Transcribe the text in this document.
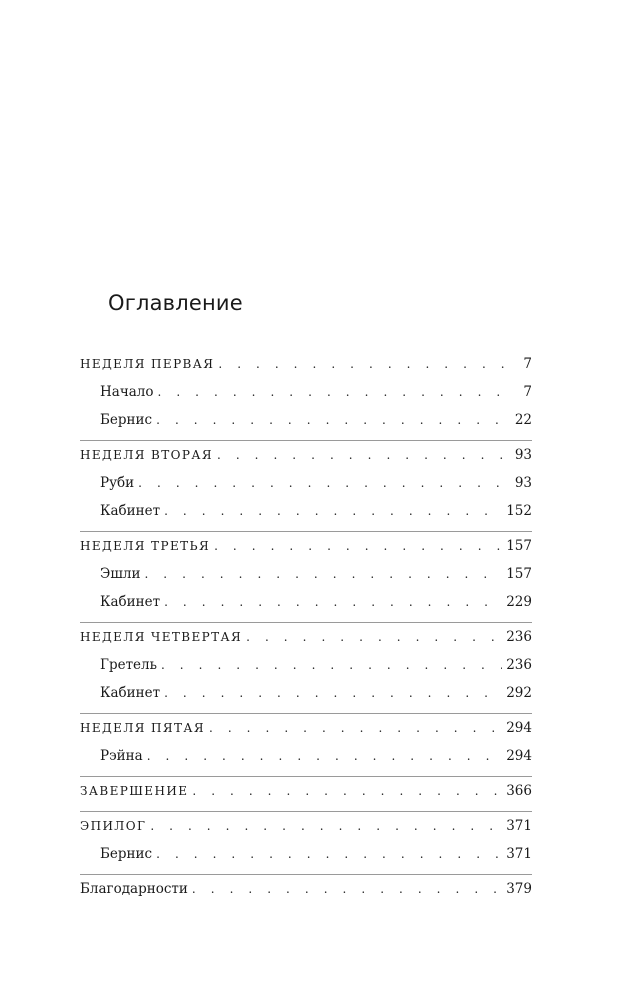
Оглавление
НЕДЕЛЯ ПЕРВАЯ . . .	7
Начало . . .	7
Бернис . . .	22
НЕДЕЛЯ ВТОРАЯ . . .	93
Руби . . .	93
Кабинет . . .	152
НЕДЕЛЯ ТРЕТЬЯ . . .	157
Эшли . . .	157
Кабинет . . .	229
НЕДЕЛЯ ЧЕТВЕРТАЯ . . .	236
Гретель . . .	236
Кабинет . . .	292
НЕДЕЛЯ ПЯТАЯ . . .	294
Рэйна . . .	294
ЗАВЕРШЕНИЕ . . .	366
ЭПИЛОГ . . .	371
Бернис . . .	371
Благодарности . . .	379
